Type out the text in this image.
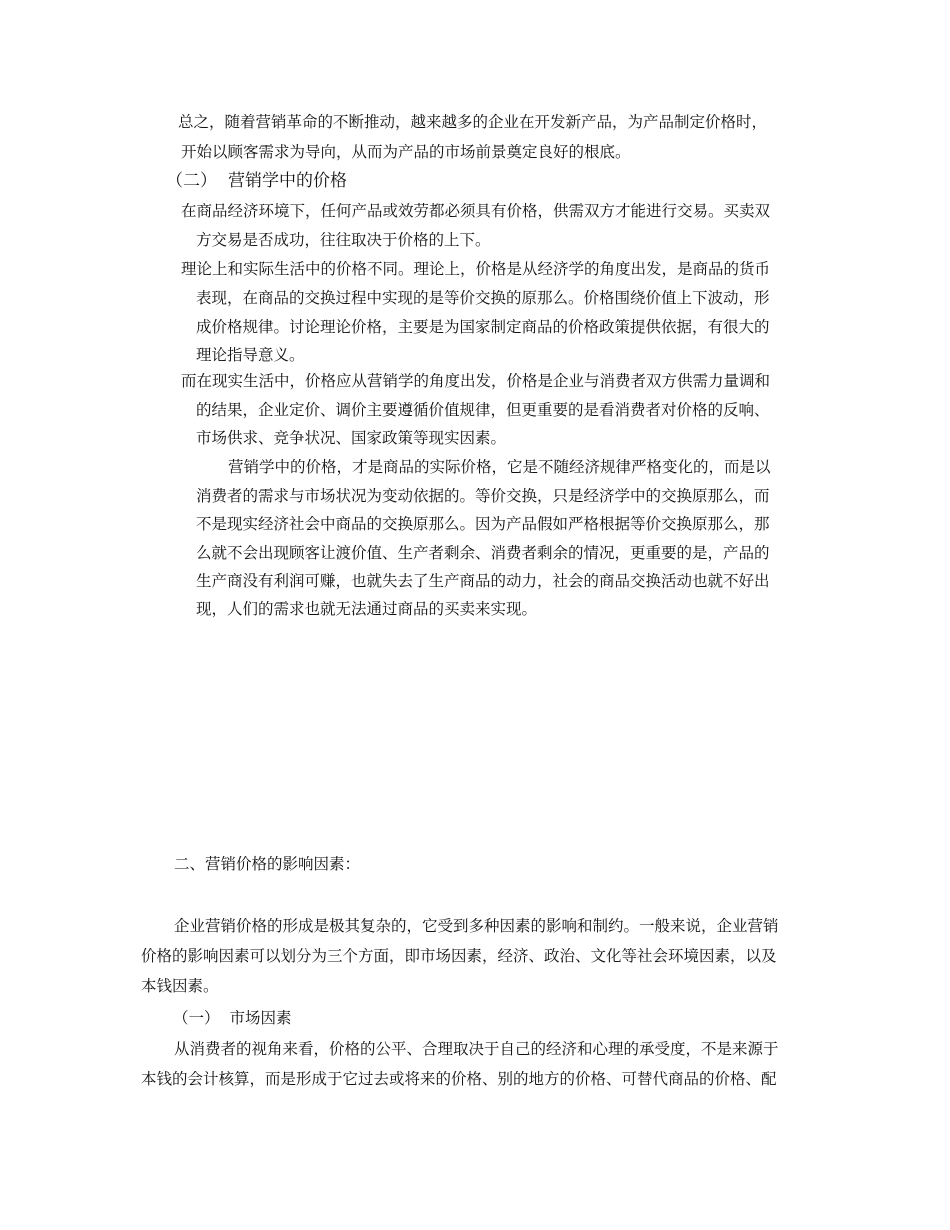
总之，随着营销革命的不断推动，越来越多的企业在开发新产品，为产品制定价格时，
开始以顾客需求为导向，从而为产品的市场前景奠定良好的根底。
（二） 营销学中的价格
在商品经济环境下，任何产品或效劳都必须具有价格，供需双方才能进行交易。买卖双
方交易是否成功，往往取决于价格的上下。
理论上和实际生活中的价格不同。理论上，价格是从经济学的角度出发，是商品的货币
表现，在商品的交换过程中实现的是等价交换的原那么。价格围绕价值上下波动，形
成价格规律。讨论理论价格，主要是为国家制定商品的价格政策提供依据，有很大的
理论指导意义。
而在现实生活中，价格应从营销学的角度出发，价格是企业与消费者双方供需力量调和
的结果，企业定价、调价主要遵循价值规律，但更重要的是看消费者对价格的反响、
市场供求、竞争状况、国家政策等现实因素。
营销学中的价格，才是商品的实际价格，它是不随经济规律严格变化的，而是以
消费者的需求与市场状况为变动依据的。等价交换，只是经济学中的交换原那么，而
不是现实经济社会中商品的交换原那么。因为产品假如严格根据等价交换原那么，那
么就不会出现顾客让渡价值、生产者剩余、消费者剩余的情况，更重要的是，产品的
生产商没有利润可赚，也就失去了生产商品的动力，社会的商品交换活动也就不好出
现，人们的需求也就无法通过商品的买卖来实现。
二、营销价格的影响因素：
企业营销价格的形成是极其复杂的，它受到多种因素的影响和制约。一般来说，企业营销
价格的影响因素可以划分为三个方面，即市场因素，经济、政治、文化等社会环境因素，以及
本钱因素。
（一） 市场因素
从消费者的视角来看，价格的公平、合理取决于自己的经济和心理的承受度，不是来源于
本钱的会计核算，而是形成于它过去或将来的价格、别的地方的价格、可替代商品的价格、配
